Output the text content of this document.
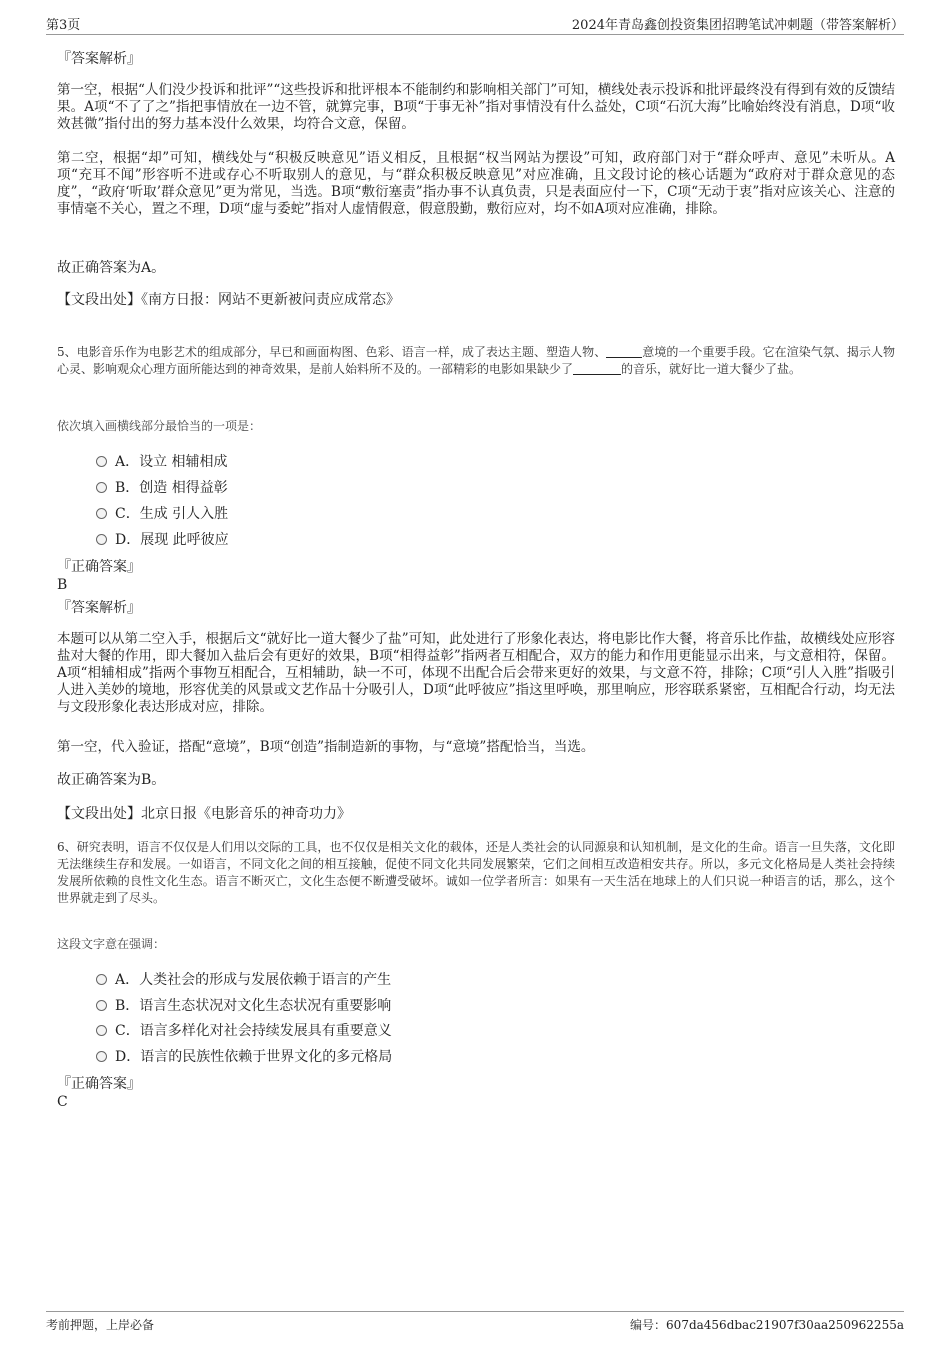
第3页	2024年青岛鑫创投资集团招聘笔试冲刺题（带答案解析）
『答案解析』
第一空，根据“人们没少投诉和批评”“这些投诉和批评根本不能制约和影响相关部门”可知，横线处表示投诉和批评最终没有得到有效的反馈结果。A项“不了了之”指把事情放在一边不管，就算完事，B项“于事无补”指对事情没有什么益处，C项“石沉大海”比喻始终没有消息，D项“收效甚微”指付出的努力基本没什么效果，均符合文意，保留。
第二空，根据“却”可知，横线处与“积极反映意见”语义相反，且根据“权当网站为摆设”可知，政府部门对于“群众呼声、意见”未听从。A项“充耳不闻”形容听不进或存心不听取别人的意见，与“群众积极反映意见”对应准确，且文段讨论的核心话题为“政府对于群众意见的态度”，“政府‘听取’群众意见”更为常见，当选。B项“敷衍塞责”指办事不认真负责，只是表面应付一下，C项“无动于衷”指对应该关心、注意的事情毫不关心，置之不理，D项“虚与委蛇”指对人虚情假意，假意殷勤，敷衍应对，均不如A项对应准确，排除。
故正确答案为A。
【文段出处】《南方日报：网站不更新被问责应成常态》
5、电影音乐作为电影艺术的组成部分，早已和画面构图、色彩、语言一样，成了表达主题、塑造人物、	意境的一个重要手段。它在渲染气氛、揭示人物心灵、影响观众心理方面所能达到的神奇效果，是前人始料所不及的。一部精彩的电影如果缺少了	的音乐，就好比一道大餐少了盐。
依次填入画横线部分最恰当的一项是：
A．设立 相辅相成
B．创造 相得益彰
C．生成 引人入胜
D．展现 此呼彼应
『正确答案』
B
『答案解析』
本题可以从第二空入手，根据后文“就好比一道大餐少了盐”可知，此处进行了形象化表达，将电影比作大餐，将音乐比作盐，故横线处应形容盐对大餐的作用，即大餐加入盐后会有更好的效果，B项“相得益彰”指两者互相配合，双方的能力和作用更能显示出来，与文意相符，保留。A项“相辅相成”指两个事物互相配合，互相辅助，缺一不可，体现不出配合后会带来更好的效果，与文意不符，排除；C项“引人入胜”指吸引人进入美妙的境地，形容优美的风景或文艺作品十分吸引人，D项“此呼彼应”指这里呼唤，那里响应，形容联系紧密，互相配合行动，均无法与文段形象化表达形成对应，排除。
第一空，代入验证，搭配“意境”，B项“创造”指制造新的事物，与“意境”搭配恰当，当选。
故正确答案为B。
【文段出处】北京日报《电影音乐的神奇功力》
6、研究表明，语言不仅仅是人们用以交际的工具，也不仅仅是相关文化的载体，还是人类社会的认同源泉和认知机制，是文化的生命。语言一旦失落，文化即无法继续生存和发展。一如语言，不同文化之间的相互接触，促使不同文化共同发展繁荣，它们之间相互改造相安共存。所以，多元文化格局是人类社会持续发展所依赖的良性文化生态。语言不断灭亡，文化生态便不断遭受破坏。诚如一位学者所言：如果有一天生活在地球上的人们只说一种语言的话，那么，这个世界就走到了尽头。
这段文字意在强调：
A．人类社会的形成与发展依赖于语言的产生
B．语言生态状况对文化生态状况有重要影响
C．语言多样化对社会持续发展具有重要意义
D．语言的民族性依赖于世界文化的多元格局
『正确答案』
C
考前押题，上岸必备	编号：607da456dbac21907f30aa250962255a
